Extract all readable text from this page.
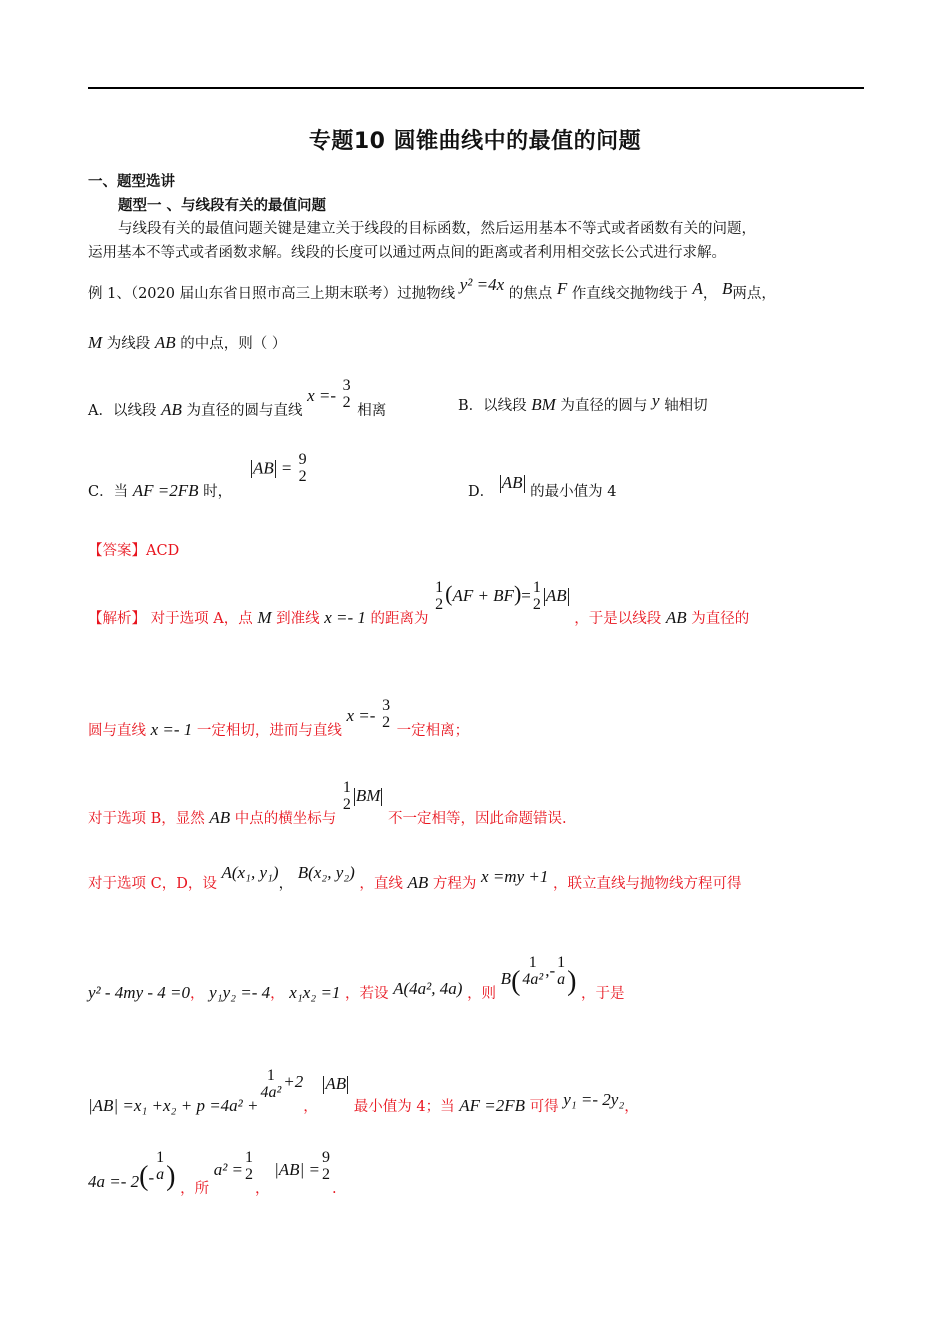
专题10 圆锥曲线中的最值的问题
一、题型选讲
题型一 、与线段有关的最值问题
与线段有关的最值问题关键是建立关于线段的目标函数，然后运用基本不等式或者函数有关的问题，
运用基本不等式或者函数求解。线段的长度可以通过两点间的距离或者利用相交弦长公式进行求解。
例 1、（2020 届山东省日照市高三上期末联考）过抛物线 y² =4x 的焦点 F 作直线交抛物线于 A， B两点，
M 为线段 AB 的中点，则（ ）
A．以线段 AB 为直径的圆与直线 x =-
3
2 相离	B．以线段 BM 为直径的圆与 y 轴相切
C．当 AF =2FB 时，
AB = 9
2
D． AB 的最小值为 4
【答案】ACD
【解析】 对于选项 A，点 M 到准线 x =- 1 的距离为
1
2 (AF + BF)= 1
2 AB ，于是以线段 AB 为直径的
圆与直线 x =- 1 一定相切，进而与直线 x =-
3
2 一定相离；
对于选项 B，显然 AB 中点的横坐标与
1
2 BM 不一定相等，因此命题错误.
对于选项 C，D，设 A(x₁, y₁)， B(x₂, y₂) ，直线 AB 方程为 x =my +1 ，联立直线与抛物线方程可得
y² - 4my - 4 =0， y₁y₂ =- 4， x₁x₂ =1 ，若设 A(4a², 4a) ，则 B(
1
4a² ,- 1
a ) ，于是
|AB| =x₁ +x₂ + p =4a² +
1
4a²
+2， AB 最小值为 4；当 AF =2FB 可得 y₁ =- 2y₂，
4a =- 2(-
1
a ) ，所 a² =
1
2
， |AB| =
9
2
.
